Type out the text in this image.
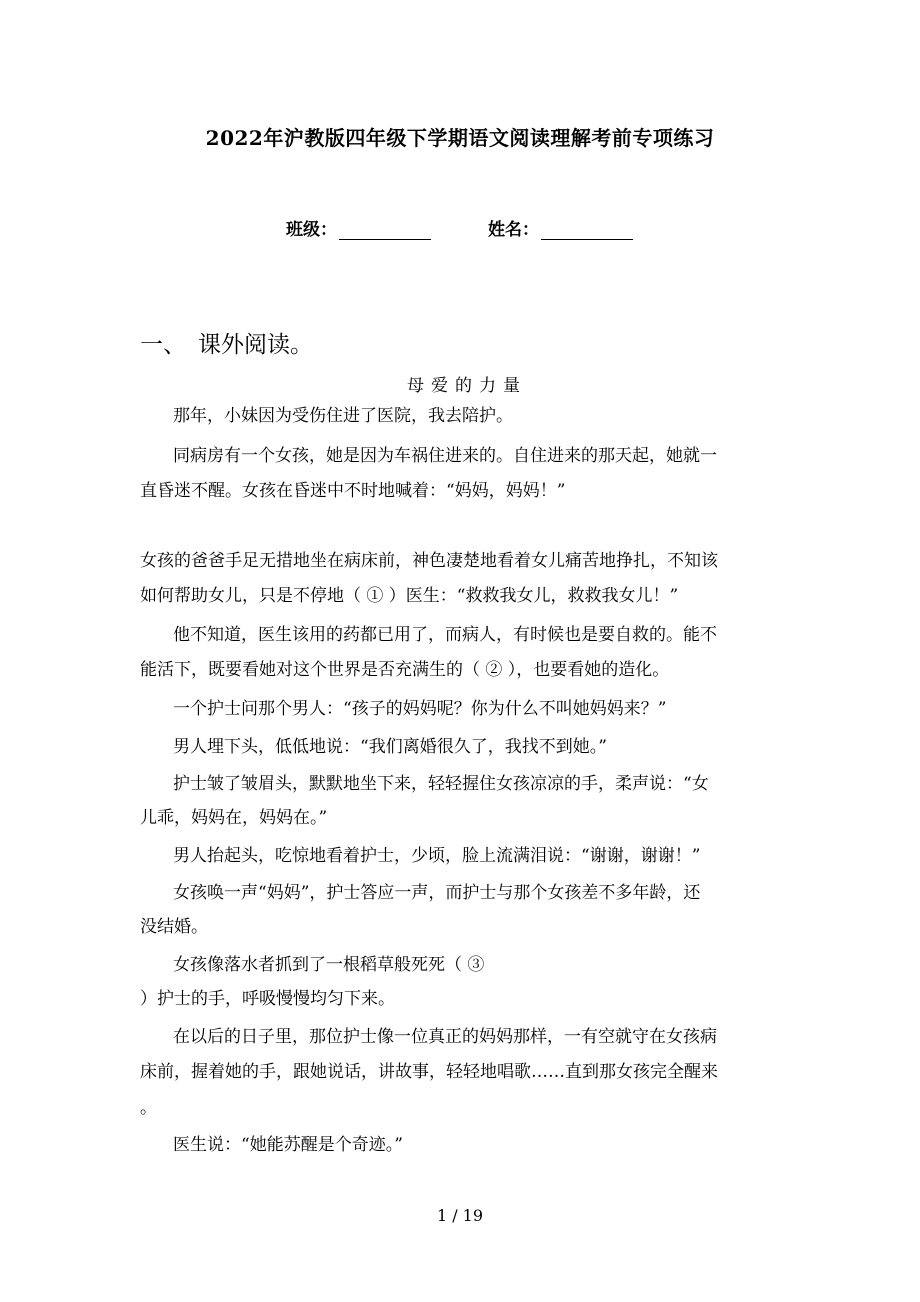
2022年沪教版四年级下学期语文阅读理解考前专项练习
班级：	姓名：
一、 课外阅读。
母爱的力量
那年，小妹因为受伤住进了医院，我去陪护。
同病房有一个女孩，她是因为车祸住进来的。自住进来的那天起，她就一
直昏迷不醒。女孩在昏迷中不时地喊着：“妈妈，妈妈！”
女孩的爸爸手足无措地坐在病床前，神色凄楚地看着女儿痛苦地挣扎，不知该
如何帮助女儿，只是不停地（ ① ）医生：“救救我女儿，救救我女儿！”
他不知道，医生该用的药都已用了，而病人，有时候也是要自救的。能不
能活下，既要看她对这个世界是否充满生的（ ② ），也要看她的造化。
一个护士问那个男人：“孩子的妈妈呢？你为什么不叫她妈妈来？”
男人埋下头，低低地说：“我们离婚很久了，我找不到她。”
护士皱了皱眉头，默默地坐下来，轻轻握住女孩凉凉的手，柔声说：“女
儿乖，妈妈在，妈妈在。”
男人抬起头，吃惊地看着护士，少顷，脸上流满泪说：“谢谢，谢谢！”
女孩唤一声“妈妈”，护士答应一声，而护士与那个女孩差不多年龄，还
没结婚。
女孩像落水者抓到了一根稻草般死死（ ③
）护士的手，呼吸慢慢均匀下来。
在以后的日子里，那位护士像一位真正的妈妈那样，一有空就守在女孩病
床前，握着她的手，跟她说话，讲故事，轻轻地唱歌……直到那女孩完全醒来
。
医生说：“她能苏醒是个奇迹。”
1 / 19
